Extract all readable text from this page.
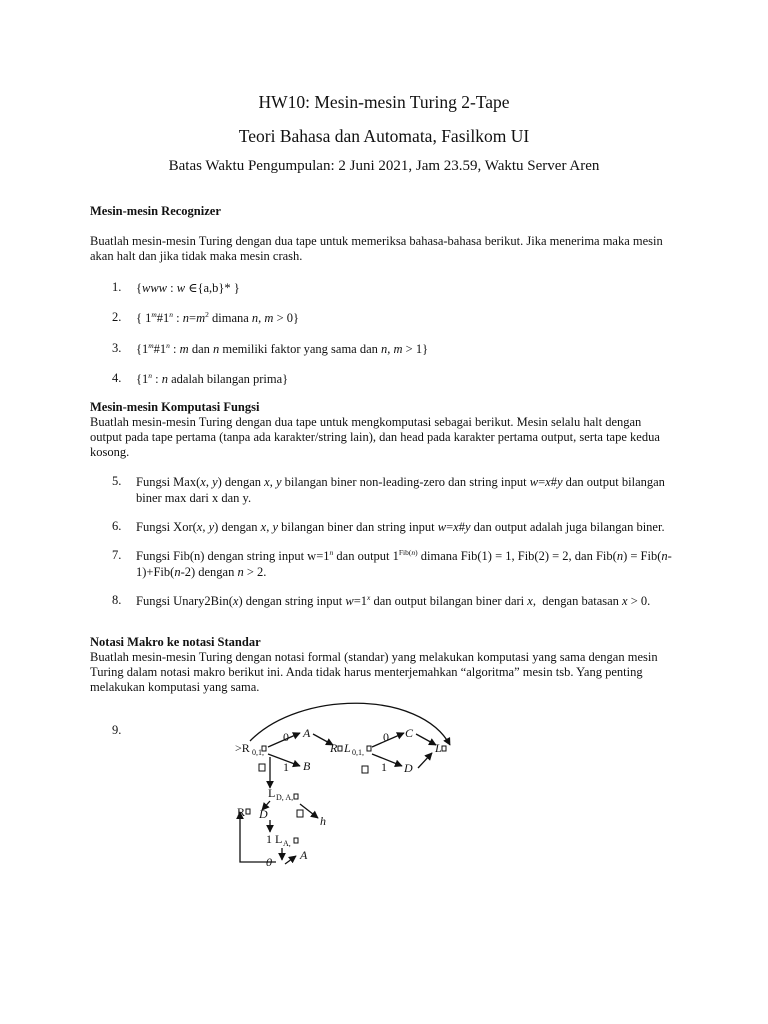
HW10: Mesin-mesin Turing 2-Tape
Teori Bahasa dan Automata, Fasilkom UI
Batas Waktu Pengumpulan: 2 Juni 2021, Jam 23.59, Waktu Server Aren
Mesin-mesin Recognizer
Buatlah mesin-mesin Turing dengan dua tape untuk memeriksa bahasa-bahasa berikut. Jika menerima maka mesin
akan halt dan jika tidak maka mesin crash.
1. {www : w ∈{a,b}* }
2. { 1$^m$#1$^n$ : $n=m^2$ dimana n, m > 0}
3. {1$^m$#1$^n$ : m dan n memiliki faktor yang sama dan n, m > 1}
4. {1$^n$ : n adalah bilangan prima}
Mesin-mesin Komputasi Fungsi
Buatlah mesin-mesin Turing dengan dua tape untuk mengkomputasi sebagai berikut. Mesin selalu halt dengan
output pada tape pertama (tanpa ada karakter/string lain), dan head pada karakter pertama output, serta tape kedua
kosong.
5. Fungsi Max(x, y) dengan x, y bilangan biner non-leading-zero dan string input w=x#y dan output bilangan
biner max dari x dan y.
6. Fungsi Xor(x, y) dengan x, y bilangan biner dan string input w=x#y dan output adalah juga bilangan biner.
7. Fungsi Fib(n) dengan string input $w=1^n$ dan output $1^{Fib(n)}$ dimana Fib(1) = 1, Fib(2) = 2, dan Fib(n) = Fib(n-
1)+Fib(n-2) dengan n > 2.
8. Fungsi Unary2Bin(x) dengan string input $w=1^x$ dan output bilangan biner dari x,  dengan batasan x > 0.
Notasi Makro ke notasi Standar
Buatlah mesin-mesin Turing dengan notasi formal (standar) yang melakukan komputasi yang sama dengan mesin
Turing dalam notasi makro berikut ini. Anda tidak harus menterjemahkan “algoritma” mesin tsb. Yang penting
melakukan komputasi yang sama.
9.
>R 0,1,
0 A
1 B
R L 0,1,
0 C
1 D
L
L D, A,
R D	h
1 L A,
0 A
